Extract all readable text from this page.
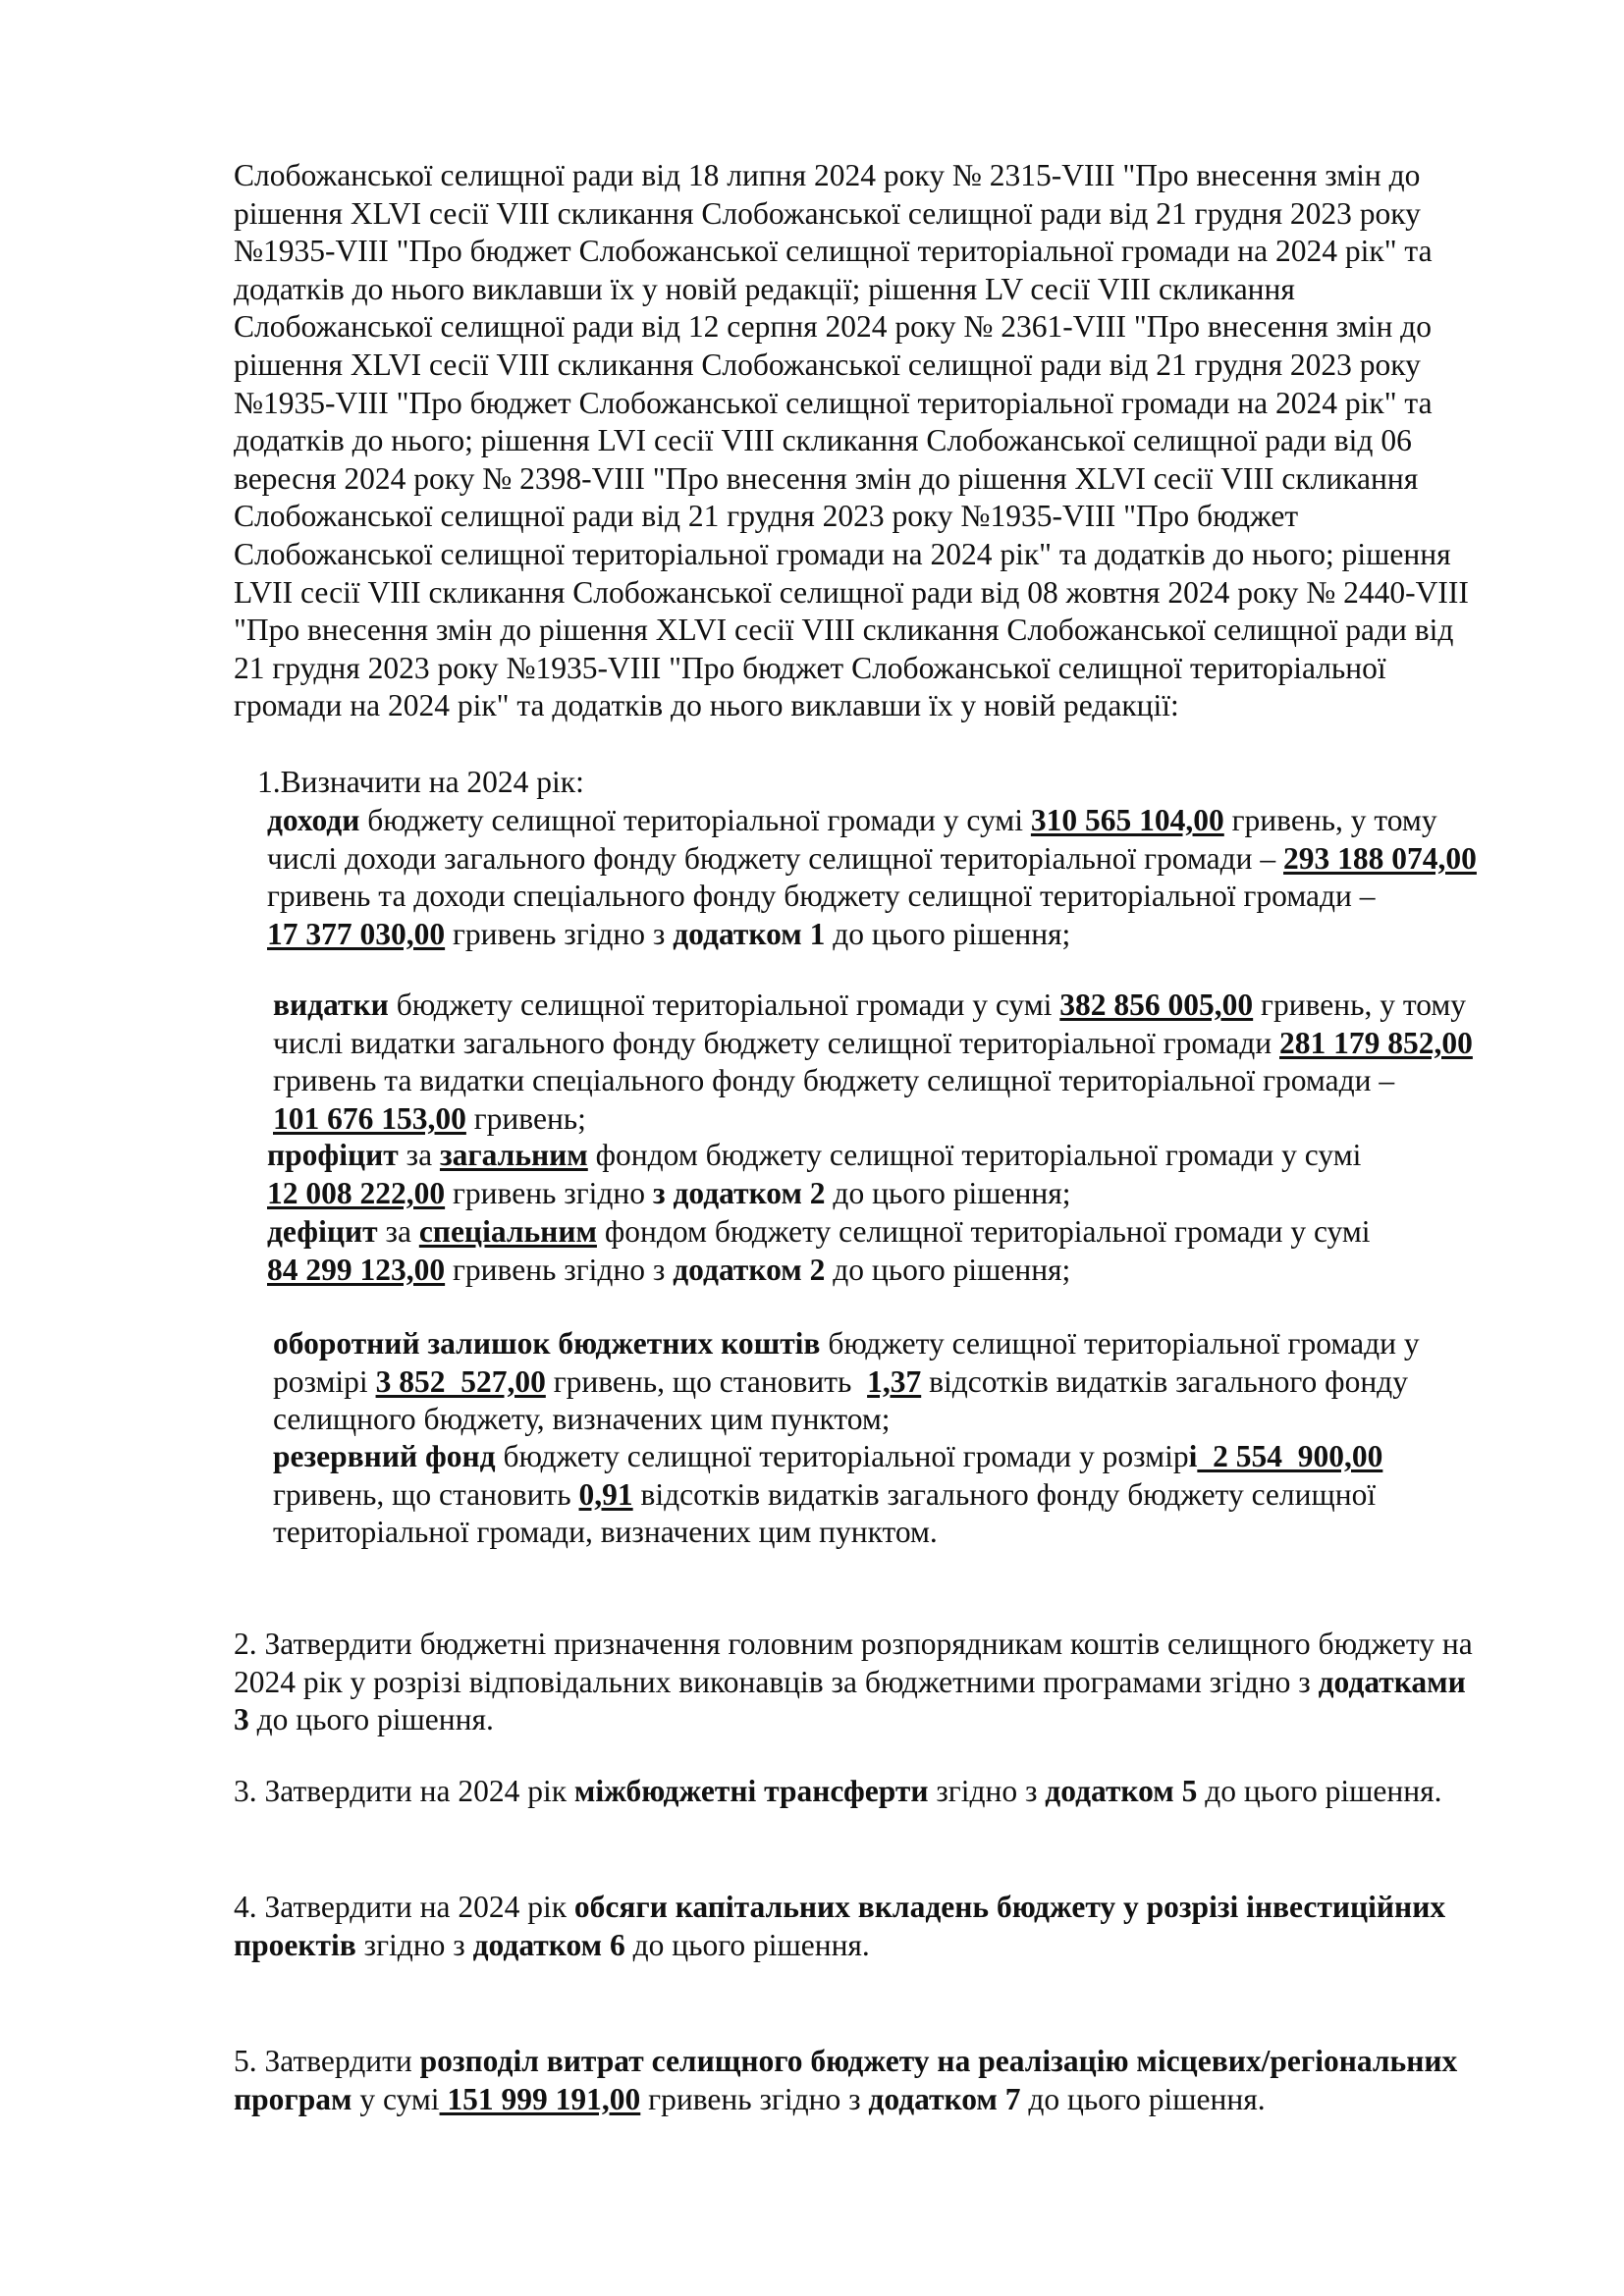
Слобожанської селищної ради від 18 липня 2024 року № 2315-VIII "Про внесення змін до

рішення XLVI сесії VIII скликання Слобожанської селищної ради від 21 грудня 2023 року

№1935-VIII "Про бюджет Слобожанської селищної територіальної громади на 2024 рік" та

додатків до нього виклавши їх у новій редакції; рішення LV сесії VIII скликання

Слобожанської селищної ради від 12 серпня 2024 року № 2361-VIII "Про внесення змін до

рішення XLVI сесії VIII скликання Слобожанської селищної ради від 21 грудня 2023 року

№1935-VIII "Про бюджет Слобожанської селищної територіальної громади на 2024 рік" та

додатків до нього; рішення LVI сесії VIII скликання Слобожанської селищної ради від 06

вересня 2024 року № 2398-VIII "Про внесення змін до рішення XLVI сесії VIII скликання

Слобожанської селищної ради від 21 грудня 2023 року №1935-VIII "Про бюджет

Слобожанської селищної територіальної громади на 2024 рік" та додатків до нього; рішення

LVII сесії VIII скликання Слобожанської селищної ради від 08 жовтня 2024 року № 2440-VIII

"Про внесення змін до рішення XLVI сесії VIII скликання Слобожанської селищної ради від

21 грудня 2023 року №1935-VIII "Про бюджет Слобожанської селищної територіальної

громади на 2024 рік" та додатків до нього виклавши їх у новій редакції:

1.Визначити на 2024 рік:

доходи бюджету селищної територіальної громади у сумі 310 565 104,00 гривень, у тому

числі доходи загального фонду бюджету селищної територіальної громади – 293 188 074,00

гривень та доходи спеціального фонду бюджету селищної територіальної громади –

17 377 030,00 гривень згідно з додатком 1 до цього рішення;

видатки бюджету селищної територіальної громади у сумі 382 856 005,00 гривень, у тому

числі видатки загального фонду бюджету селищної територіальної громади 281 179 852,00

гривень та видатки спеціального фонду бюджету селищної територіальної громади –

101 676 153,00 гривень;

профіцит за загальним фондом бюджету селищної територіальної громади у сумі

12 008 222,00 гривень згідно з додатком 2 до цього рішення;

дефіцит за спеціальним фондом бюджету селищної територіальної громади у сумі

84 299 123,00 гривень згідно з додатком 2 до цього рішення;

оборотний залишок бюджетних коштів бюджету селищної територіальної громади у

розмірі 3 852  527,00 гривень, що становить  1,37 відсотків видатків загального фонду

селищного бюджету, визначених цим пунктом;

резервний фонд бюджету селищної територіальної громади у розмірі  2 554  900,00

гривень, що становить 0,91 відсотків видатків загального фонду бюджету селищної

територіальної громади, визначених цим пунктом.

2. Затвердити бюджетні призначення головним розпорядникам коштів селищного бюджету на

2024 рік у розрізі відповідальних виконавців за бюджетними програмами згідно з додатками

3 до цього рішення.

3. Затвердити на 2024 рік міжбюджетні трансферти згідно з додатком 5 до цього рішення.

4. Затвердити на 2024 рік обсяги капітальних вкладень бюджету у розрізі інвестиційних

проектів згідно з додатком 6 до цього рішення.

5. Затвердити розподіл витрат селищного бюджету на реалізацію місцевих/регіональних

програм у сумі 151 999 191,00 гривень згідно з додатком 7 до цього рішення.
